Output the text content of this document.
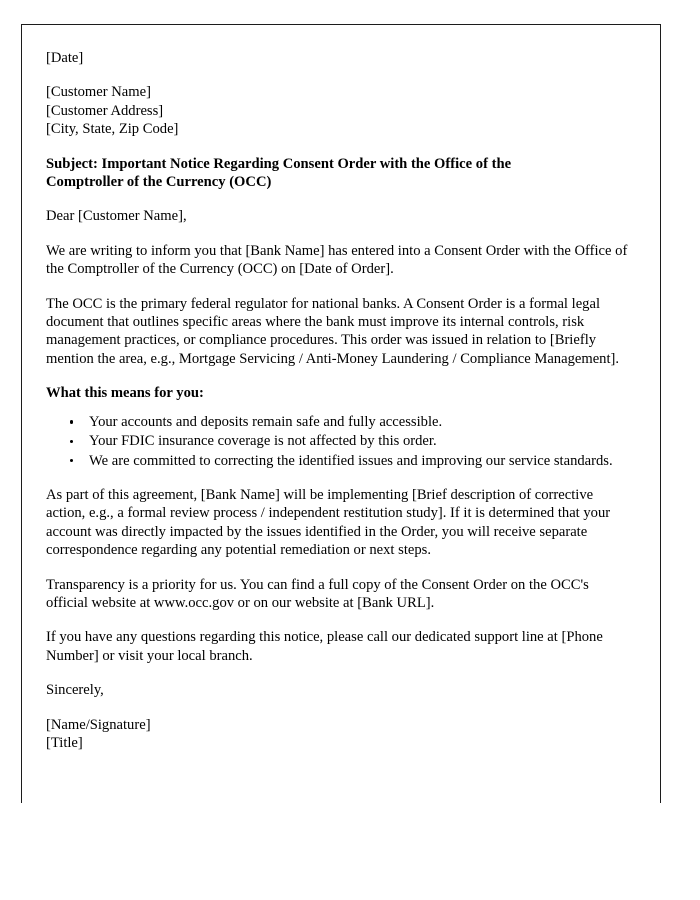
[Date]
[Customer Name]
[Customer Address]
[City, State, Zip Code]
Subject: Important Notice Regarding Consent Order with the Office of the
Comptroller of the Currency (OCC)

Dear [Customer Name],

We are writing to inform you that [Bank Name] has entered into a Consent Order with the Office of the Comptroller of the Currency (OCC) on [Date of Order].

The OCC is the primary federal regulator for national banks. A Consent Order is a formal legal document that outlines specific areas where the bank must improve its internal controls, risk management practices, or compliance procedures. This order was issued in relation to [Briefly mention the area, e.g., Mortgage Servicing / Anti-Money Laundering / Compliance Management].

What this means for you:

Your accounts and deposits remain safe and fully accessible.
Your FDIC insurance coverage is not affected by this order.
We are committed to correcting the identified issues and improving our service standards.

As part of this agreement, [Bank Name] will be implementing [Brief description of corrective action, e.g., a formal review process / independent restitution study]. If it is determined that your account was directly impacted by the issues identified in the Order, you will receive separate correspondence regarding any potential remediation or next steps.

Transparency is a priority for us. You can find a full copy of the Consent Order on the OCC's official website at www.occ.gov or on our website at [Bank URL].

If you have any questions regarding this notice, please call our dedicated support line at [Phone Number] or visit your local branch.

Sincerely,

[Name/Signature]
[Title]
